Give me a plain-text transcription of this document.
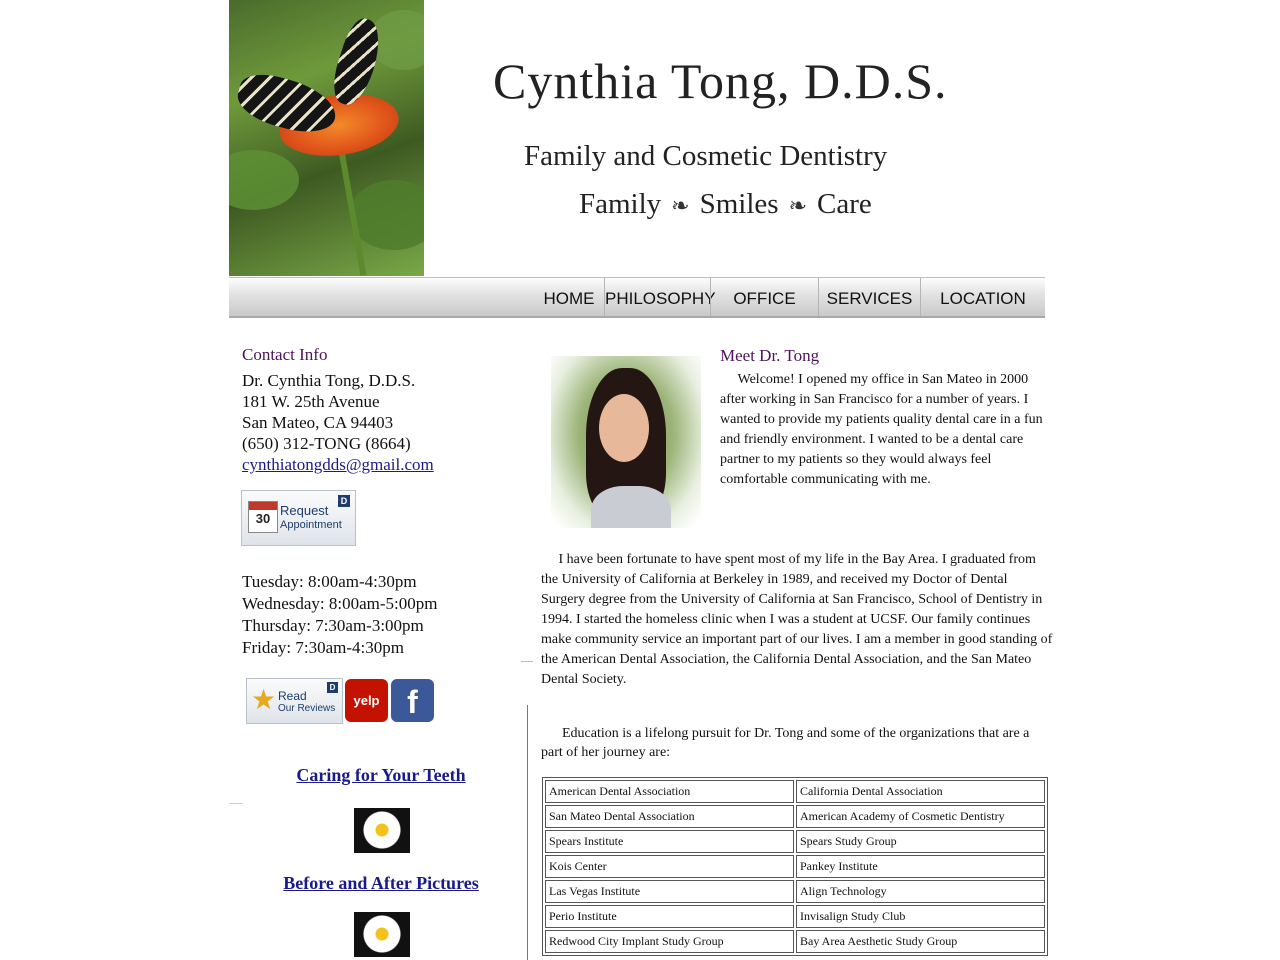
Cynthia Tong, D.D.S.
Family and Cosmetic Dentistry
Family ❧ Smiles ❧ Care
HOME PHILOSOPHY	OFFICE	SERVICES	LOCATION
Contact Info
Dr. Cynthia Tong, D.D.S.
181 W. 25th Avenue
San Mateo, CA 94403
(650) 312-TONG (8664)
cynthiatongdds@gmail.com
30
Request
Appointment
D
Tuesday: 8:00am-4:30pm
Wednesday: 8:00am-5:00pm
Thursday: 7:30am-3:00pm
Friday: 7:30am-4:30pm
★ Read
Our Reviews
D
yelp f
Caring for Your Teeth
Before and After Pictures
Meet Dr. Tong
Welcome! I opened my office in San Mateo in 2000 after working in San Francisco for a number of years. I wanted to provide my patients quality dental care in a fun and friendly environment. I wanted to be a dental care partner to my patients so they would always feel comfortable communicating with me.
I have been fortunate to have spent most of my life in the Bay Area. I graduated from the University of California at Berkeley in 1989, and received my Doctor of Dental Surgery degree from the University of California at San Francisco, School of Dentistry in 1994. I started the homeless clinic when I was a student at UCSF. Our family continues make community service an important part of our lives. I am a member in good standing of the American Dental Association, the California Dental Association, and the San Mateo Dental Society.
Education is a lifelong pursuit for Dr. Tong and some of the organizations that are a part of her journey are:
American Dental Association	California Dental Association
San Mateo Dental Association	American Academy of Cosmetic Dentistry
Spears Institute	Spears Study Group
Kois Center	Pankey Institute
Las Vegas Institute	Align Technology
Perio Institute	Invisalign Study Club
Redwood City Implant Study Group	Bay Area Aesthetic Study Group
